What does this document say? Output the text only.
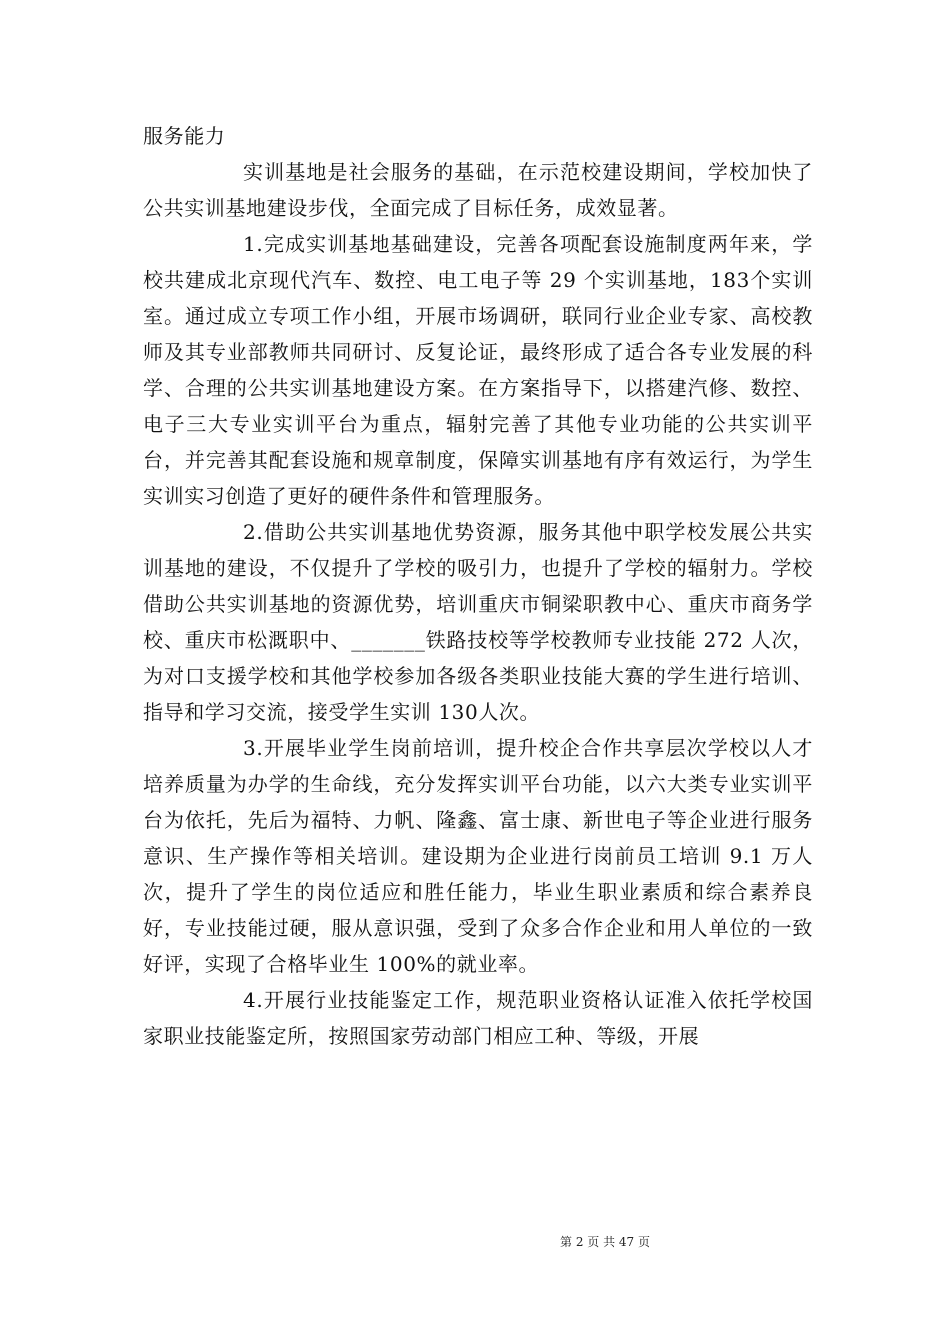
服务能力

实训基地是社会服务的基础，在示范校建设期间，学校加快了公共实训基地建设步伐，全面完成了目标任务，成效显著。

1.完成实训基地基础建设，完善各项配套设施制度两年来，学校共建成北京现代汽车、数控、电工电子等 29 个实训基地，183个实训室。通过成立专项工作小组，开展市场调研，联同行业企业专家、高校教师及其专业部教师共同研讨、反复论证，最终形成了适合各专业发展的科学、合理的公共实训基地建设方案。在方案指导下，以搭建汽修、数控、电子三大专业实训平台为重点，辐射完善了其他专业功能的公共实训平台，并完善其配套设施和规章制度，保障实训基地有序有效运行，为学生实训实习创造了更好的硬件条件和管理服务。

2.借助公共实训基地优势资源，服务其他中职学校发展公共实训基地的建设，不仅提升了学校的吸引力，也提升了学校的辐射力。学校借助公共实训基地的资源优势，培训重庆市铜梁职教中心、重庆市商务学校、重庆市松溉职中、_______铁路技校等学校教师专业技能 272 人次，为对口支援学校和其他学校参加各级各类职业技能大赛的学生进行培训、指导和学习交流，接受学生实训 130人次。

3.开展毕业学生岗前培训，提升校企合作共享层次学校以人才培养质量为办学的生命线，充分发挥实训平台功能，以六大类专业实训平台为依托，先后为福特、力帆、隆鑫、富士康、新世电子等企业进行服务意识、生产操作等相关培训。建设期为企业进行岗前员工培训 9.1 万人次，提升了学生的岗位适应和胜任能力，毕业生职业素质和综合素养良好，专业技能过硬，服从意识强，受到了众多合作企业和用人单位的一致好评，实现了合格毕业生 100%的就业率。

4.开展行业技能鉴定工作，规范职业资格认证准入依托学校国家职业技能鉴定所，按照国家劳动部门相应工种、等级，开展

第 2 页 共 47 页
